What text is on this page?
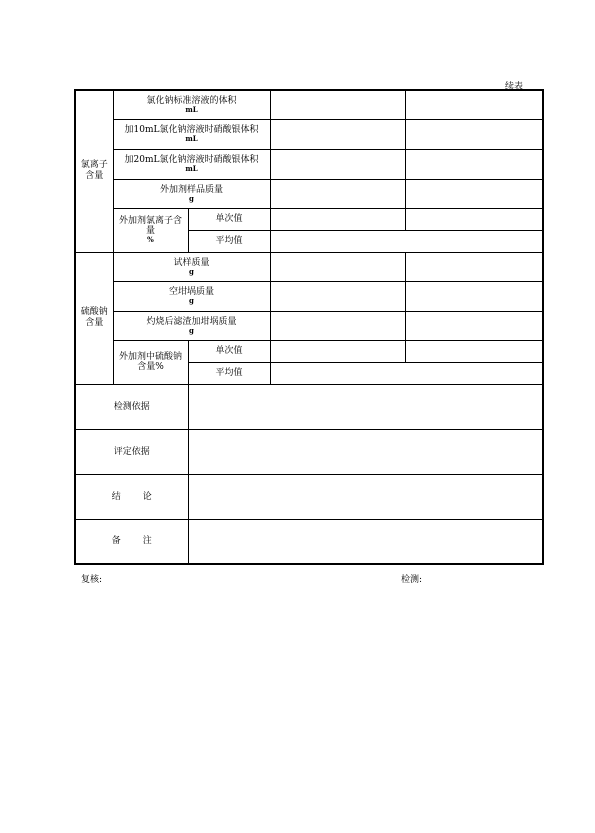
续表
氯离子含量	氯化钠标准溶液的体积
mL			

	加10mL氯化钠溶液时硝酸银体积
mL			

	加20mL氯化钠溶液时硝酸银体积
mL			

	外加剂样品质量
g			

	外加剂氯离子含量
%	单次值		
		平均值		
硫酸钠含量	试样质量
g			

	空坩埚质量
g			

	灼烧后滤渣加坩埚质量
g			

	外加剂中硫酸钠含量%	单次值		
		平均值		
检测依据				
评定依据				
结 论				
备 注				
复核:	检测:
